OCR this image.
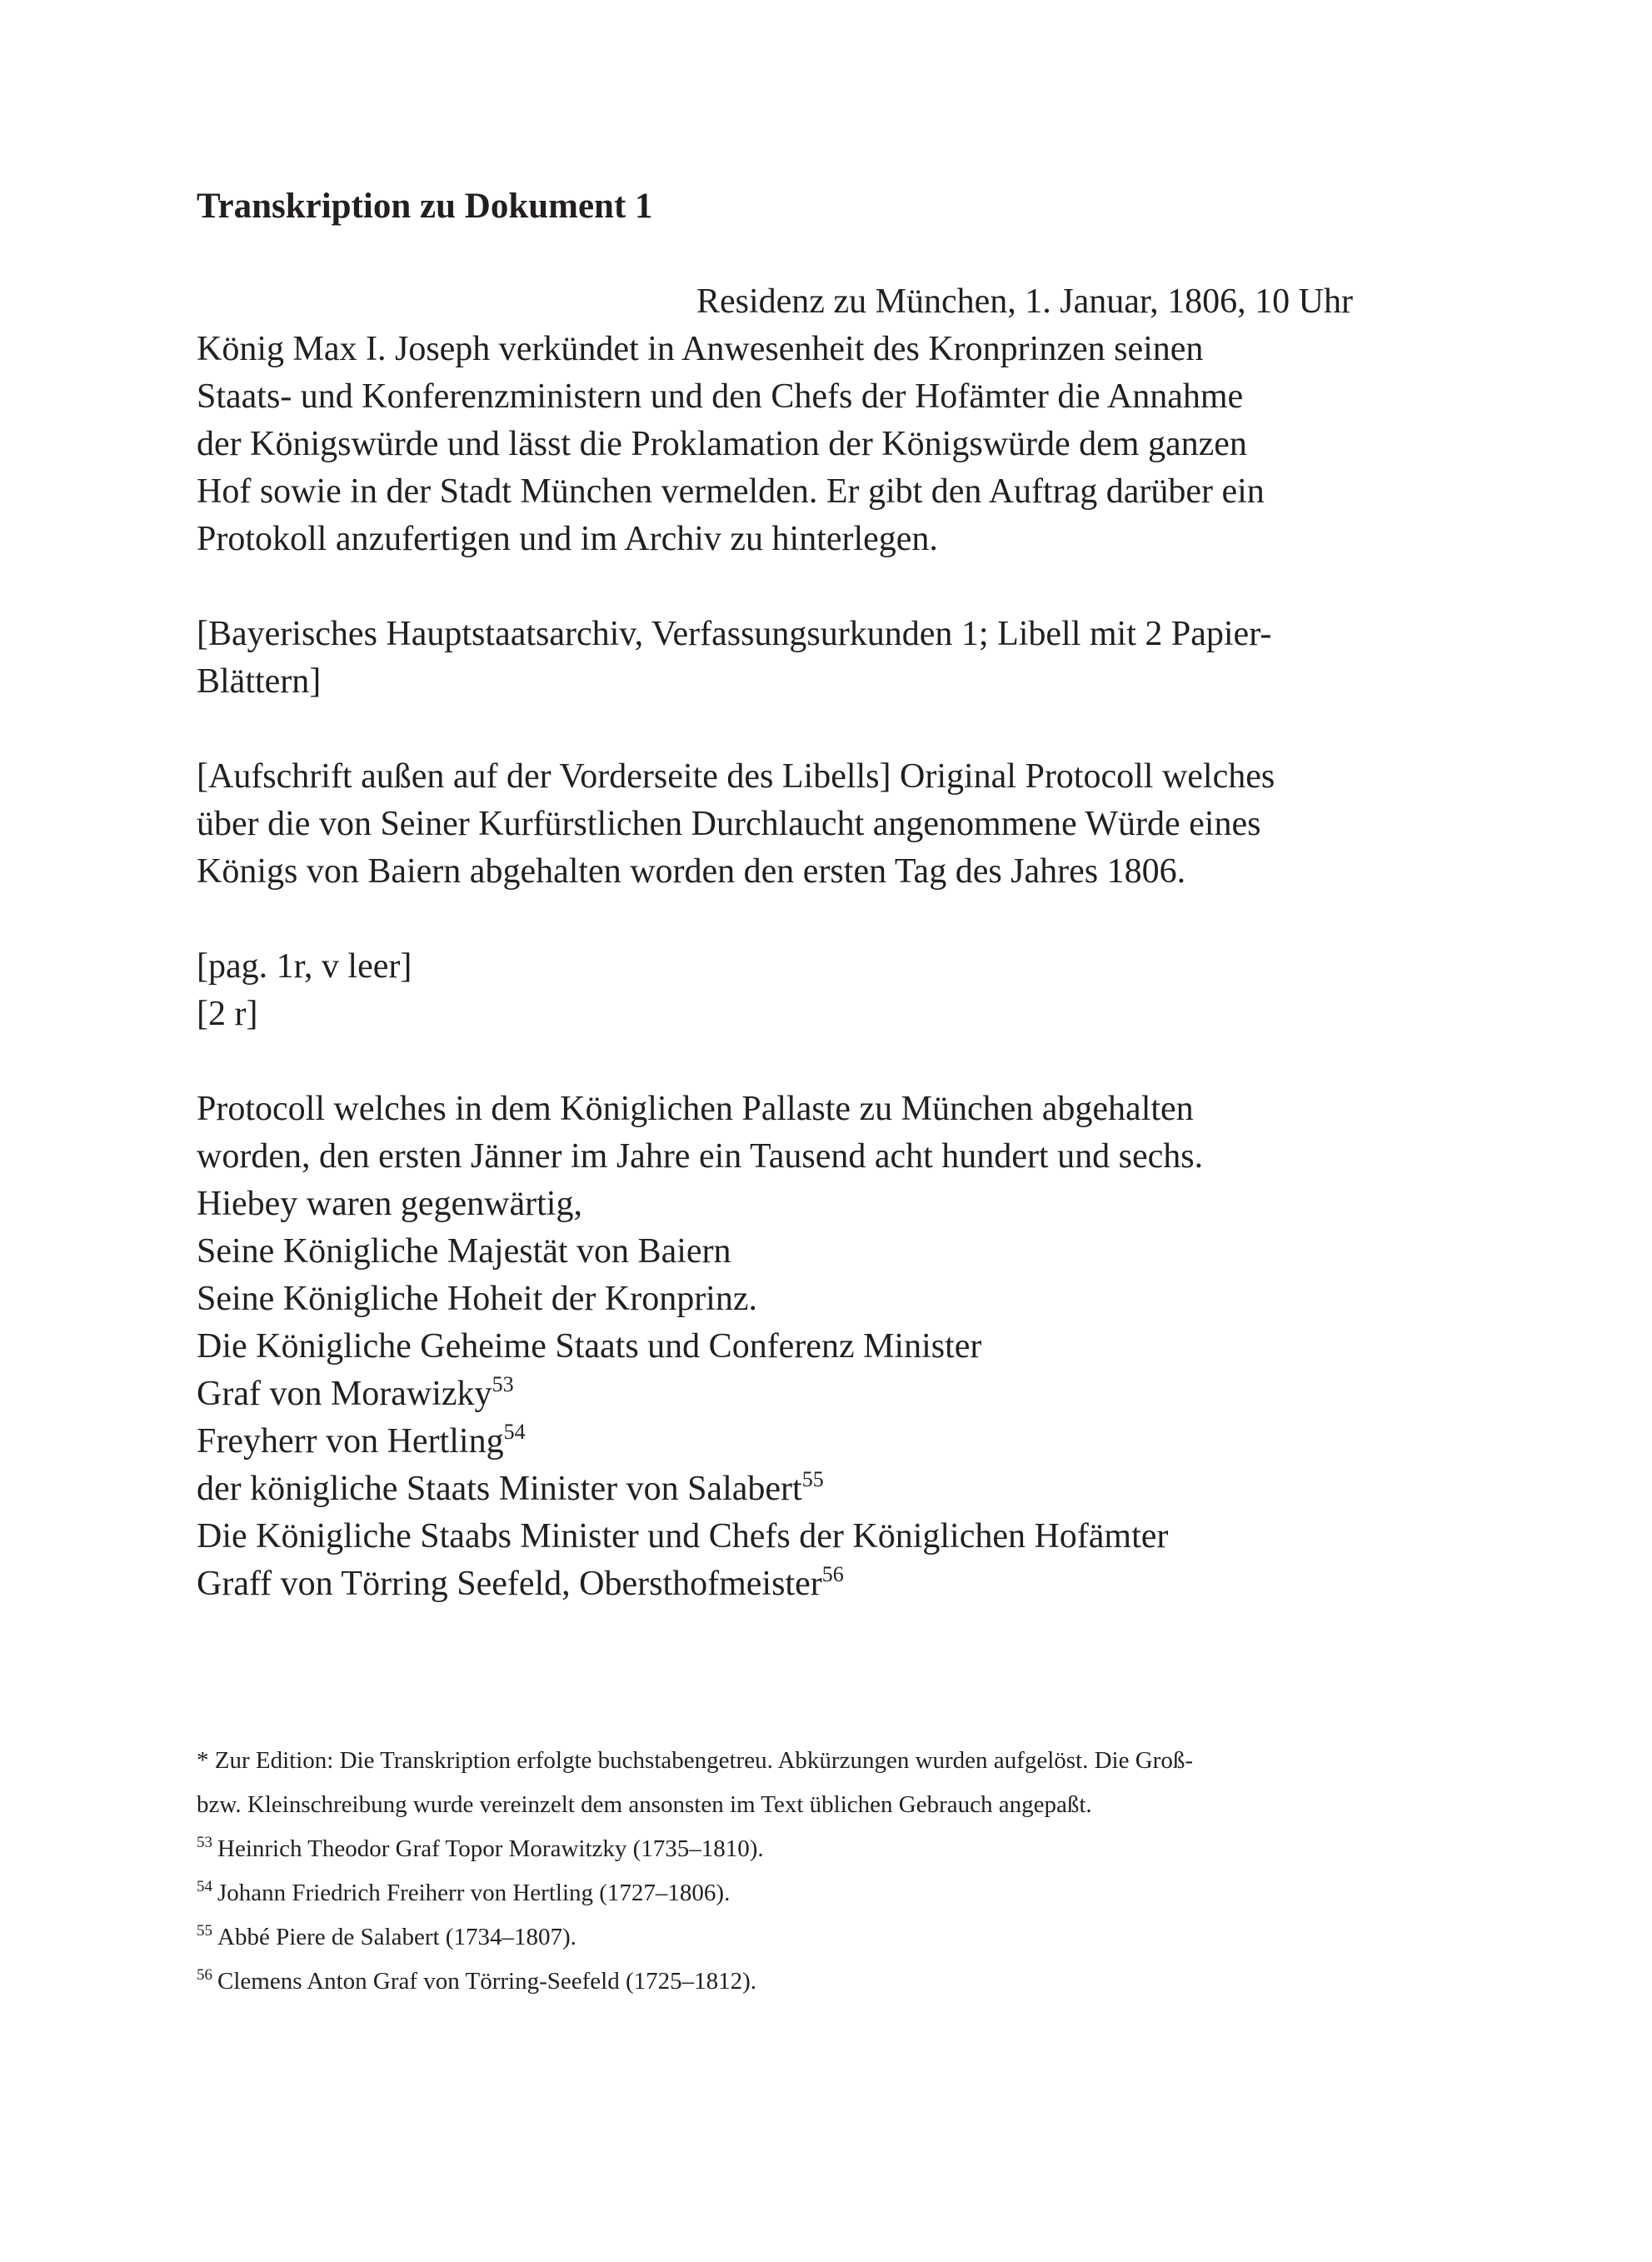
Transkription zu Dokument 1
Residenz zu München, 1. Januar, 1806, 10 Uhr

König Max I. Joseph verkündet in Anwesenheit des Kronprinzen seinen
Staats- und Konferenzministern und den Chefs der Hofämter die Annahme
der Königswürde und lässt die Proklamation der Königswürde dem ganzen
Hof sowie in der Stadt München vermelden. Er gibt den Auftrag darüber ein
Protokoll anzufertigen und im Archiv zu hinterlegen.

[Bayerisches Hauptstaatsarchiv, Verfassungsurkunden 1; Libell mit 2 Papier-
Blättern]

[Aufschrift außen auf der Vorderseite des Libells] Original Protocoll welches
über die von Seiner Kurfürstlichen Durchlaucht angenommene Würde eines
Königs von Baiern abgehalten worden den ersten Tag des Jahres 1806.

[pag. 1r, v leer]
[2 r]

Protocoll welches in dem Königlichen Pallaste zu München abgehalten
worden, den ersten Jänner im Jahre ein Tausend acht hundert und sechs.
Hiebey waren gegenwärtig,
Seine Königliche Majestät von Baiern
Seine Königliche Hoheit der Kronprinz.
Die Königliche Geheime Staats und Conferenz Minister
Graf von Morawizky$^{53}$
Freyherr von Hertling$^{54}$
der königliche Staats Minister von Salabert$^{55}$
Die Königliche Staabs Minister und Chefs der Königlichen Hofämter
Graff von Törring Seefeld, Obersthofmeister$^{56}$

* Zur Edition: Die Transkription erfolgte buchstabengetreu. Abkürzungen wurden aufgelöst. Die Groß-
bzw. Kleinschreibung wurde vereinzelt dem ansonsten im Text üblichen Gebrauch angepaßt.
$^{53}$ Heinrich Theodor Graf Topor Morawitzky (1735–1810).
$^{54}$ Johann Friedrich Freiherr von Hertling (1727–1806).
$^{55}$ Abbé Piere de Salabert (1734–1807).
$^{56}$ Clemens Anton Graf von Törring-Seefeld (1725–1812).
